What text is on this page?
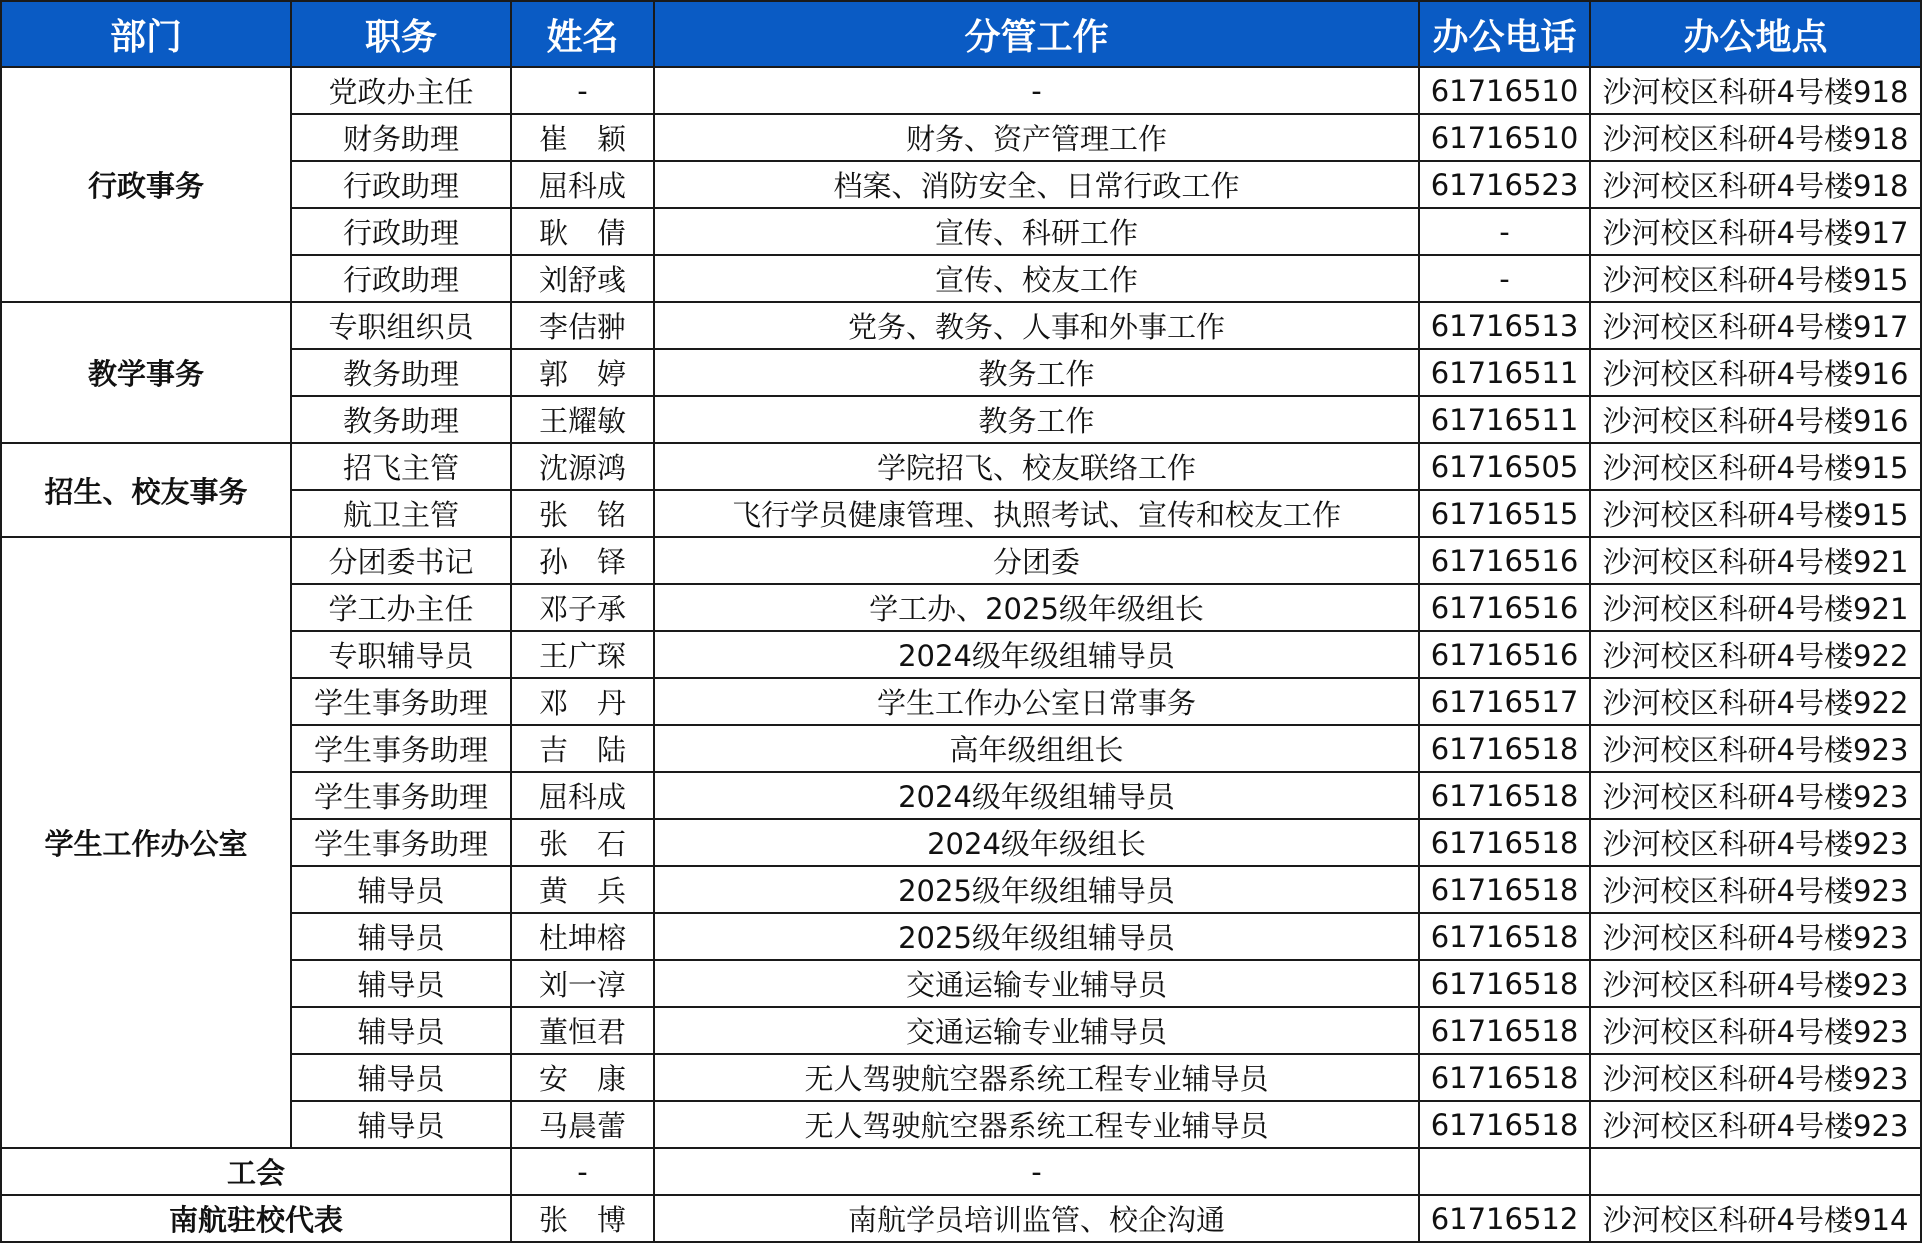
部门	职务	姓名	分管工作	办公电话	办公地点
行政事务	党政办主任	-	-	61716510	沙河校区科研4号楼918
	财务助理	崔　颖	财务、资产管理工作	61716510	沙河校区科研4号楼918
	行政助理	屈科成	档案、消防安全、日常行政工作	61716523	沙河校区科研4号楼918
	行政助理	耿　倩	宣传、科研工作	-	沙河校区科研4号楼917
	行政助理	刘舒彧	宣传、校友工作	-	沙河校区科研4号楼915
教学事务	专职组织员	李佶翀	党务、教务、人事和外事工作	61716513	沙河校区科研4号楼917
	教务助理	郭　婷	教务工作	61716511	沙河校区科研4号楼916
	教务助理	王耀敏	教务工作	61716511	沙河校区科研4号楼916
招生、校友事务	招飞主管	沈源鸿	学院招飞、校友联络工作	61716505	沙河校区科研4号楼915
	航卫主管	张　铭	飞行学员健康管理、执照考试、宣传和校友工作	61716515	沙河校区科研4号楼915
学生工作办公室	分团委书记	孙　铎	分团委	61716516	沙河校区科研4号楼921
	学工办主任	邓子承	学工办、2025级年级组长	61716516	沙河校区科研4号楼921
	专职辅导员	王广琛	2024级年级组辅导员	61716516	沙河校区科研4号楼922
	学生事务助理	邓　丹	学生工作办公室日常事务	61716517	沙河校区科研4号楼922
	学生事务助理	吉　陆	高年级组组长	61716518	沙河校区科研4号楼923
	学生事务助理	屈科成	2024级年级组辅导员	61716518	沙河校区科研4号楼923
	学生事务助理	张　石	2024级年级组长	61716518	沙河校区科研4号楼923
	辅导员	黄　兵	2025级年级组辅导员	61716518	沙河校区科研4号楼923
	辅导员	杜坤榕	2025级年级组辅导员	61716518	沙河校区科研4号楼923
	辅导员	刘一淳	交通运输专业辅导员	61716518	沙河校区科研4号楼923
	辅导员	董恒君	交通运输专业辅导员	61716518	沙河校区科研4号楼923
	辅导员	安　康	无人驾驶航空器系统工程专业辅导员	61716518	沙河校区科研4号楼923
	辅导员	马晨蕾	无人驾驶航空器系统工程专业辅导员	61716518	沙河校区科研4号楼923
工会		-	-		
南航驻校代表		张　博	南航学员培训监管、校企沟通	61716512	沙河校区科研4号楼914
